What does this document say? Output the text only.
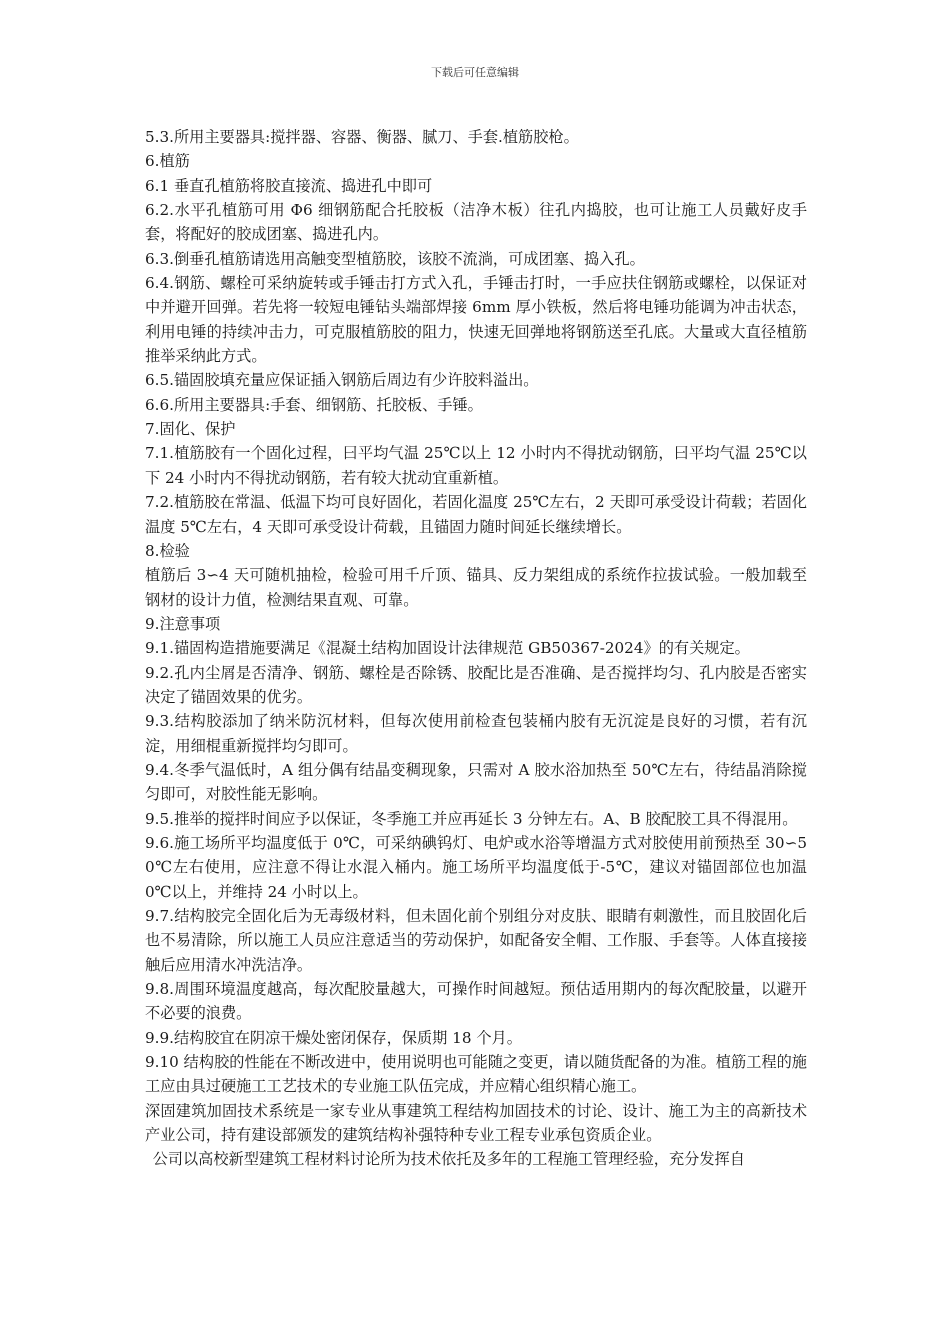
下载后可任意编辑

5.3.所用主要器具:搅拌器、容器、衡器、腻刀、手套.植筋胶枪。

6.植筋

6.1 垂直孔植筋将胶直接流、捣进孔中即可

6.2.水平孔植筋可用 Φ6 细钢筋配合托胶板（洁净木板）往孔内捣胶，也可让施工人员戴好皮手套，将配好的胶成团塞、捣进孔内。

6.3.倒垂孔植筋请选用高触变型植筋胶，该胶不流淌，可成团塞、捣入孔。

6.4.钢筋、螺栓可采纳旋转或手锤击打方式入孔，手锤击打时，一手应扶住钢筋或螺栓，以保证对中并避开回弹。若先将一较短电锤钻头端部焊接 6mm 厚小铁板，然后将电锤功能调为冲击状态，利用电锤的持续冲击力，可克服植筋胶的阻力，快速无回弹地将钢筋送至孔底。大量或大直径植筋推举采纳此方式。

6.5.锚固胶填充量应保证插入钢筋后周边有少许胶料溢出。

6.6.所用主要器具:手套、细钢筋、托胶板、手锤。

7.固化、保护

7.1.植筋胶有一个固化过程，曰平均气温 25℃以上 12 小时内不得扰动钢筋，曰平均气温 25℃以下 24 小时内不得扰动钢筋，若有较大扰动宜重新植。

7.2.植筋胶在常温、低温下均可良好固化，若固化温度 25℃左右，2 天即可承受设计荷载；若固化温度 5℃左右，4 天即可承受设计荷载，且锚固力随时间延长继续增长。

8.检验

植筋后 3∽4 天可随机抽检，检验可用千斤顶、锚具、反力架组成的系统作拉拔试验。一般加载至钢材的设计力值，检测结果直观、可靠。

9.注意事项

9.1.锚固构造措施要满足《混凝土结构加固设计法律规范 GB50367-2024》的有关规定。

9.2.孔内尘屑是否清净、钢筋、螺栓是否除锈、胶配比是否准确、是否搅拌均匀、孔内胶是否密实决定了锚固效果的优劣。

9.3.结构胶添加了纳米防沉材料，但每次使用前检查包装桶内胶有无沉淀是良好的习惯，若有沉淀，用细棍重新搅拌均匀即可。

9.4.冬季气温低时，A 组分偶有结晶变稠现象，只需对 A 胶水浴加热至 50℃左右，待结晶消除搅匀即可，对胶性能无影响。

9.5.推举的搅拌时间应予以保证，冬季施工并应再延长 3 分钟左右。A、B 胶配胶工具不得混用。

9.6.施工场所平均温度低于 0℃，可采纳碘钨灯、电炉或水浴等增温方式对胶使用前预热至 30∽50℃左右使用，应注意不得让水混入桶内。施工场所平均温度低于-5℃，建议对锚固部位也加温 0℃以上，并维持 24 小时以上。

9.7.结构胶完全固化后为无毒级材料，但未固化前个别组分对皮肤、眼睛有刺激性，而且胶固化后也不易清除，所以施工人员应注意适当的劳动保护，如配备安全帽、工作服、手套等。人体直接接触后应用清水冲洗洁净。

9.8.周围环境温度越高，每次配胶量越大，可操作时间越短。预估适用期内的每次配胶量，以避开不必要的浪费。

9.9.结构胶宜在阴凉干燥处密闭保存，保质期 18 个月。

9.10 结构胶的性能在不断改进中，使用说明也可能随之变更，请以随货配备的为准。植筋工程的施工应由具过硬施工工艺技术的专业施工队伍完成，并应精心组织精心施工。

深固建筑加固技术系统是一家专业从事建筑工程结构加固技术的讨论、设计、施工为主的高新技术产业公司，持有建设部颁发的建筑结构补强特种专业工程专业承包资质企业。

公司以高校新型建筑工程材料讨论所为技术依托及多年的工程施工管理经验，充分发挥自
